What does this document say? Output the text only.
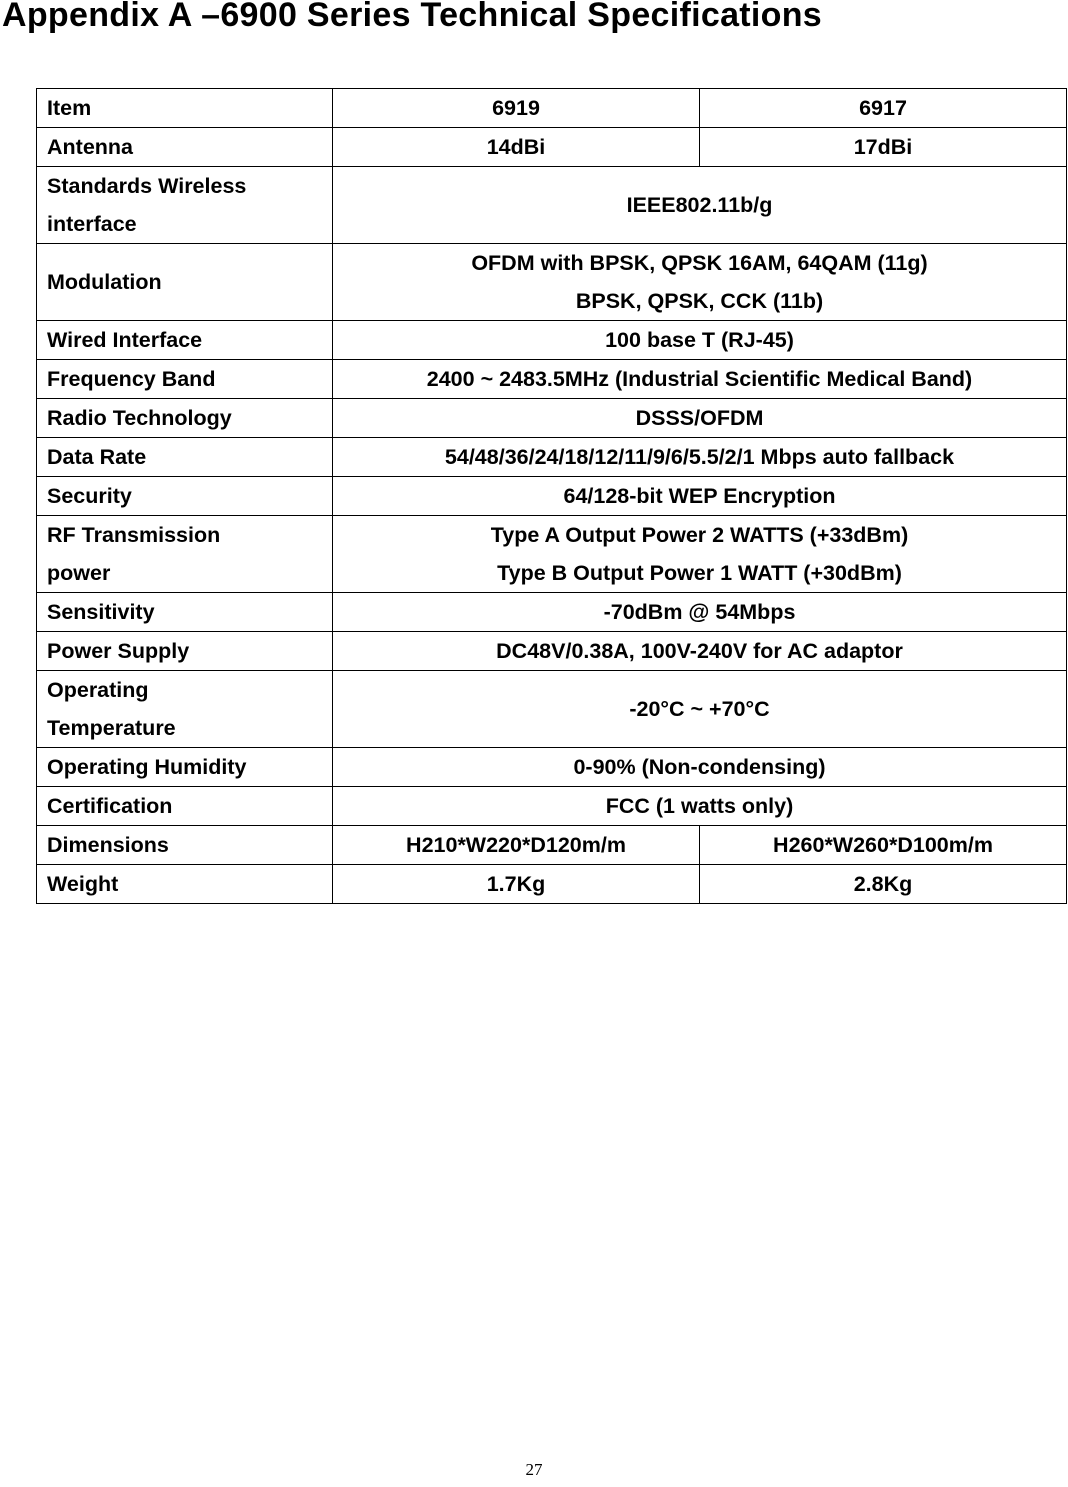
Appendix A –6900 Series Technical Specifications
Item	6919	6917
Antenna	14dBi	17dBi

Standards Wireless
interface	IEEE802.11b/g	
Modulation	OFDM with BPSK, QPSK 16AM, 64QAM (11g)
BPSK, QPSK, CCK (11b)	

Wired Interface	100 base T (RJ-45)	
Frequency Band	2400 ~ 2483.5MHz (Industrial Scientific Medical Band)	
Radio Technology	DSSS/OFDM	
Data Rate	54/48/36/24/18/12/11/9/6/5.5/2/1 Mbps auto fallback	
Security	64/128-bit WEP Encryption	

RF Transmission
power	Type A Output Power 2 WATTS (+33dBm)
Type B Output Power 1 WATT (+30dBm)	

Sensitivity	-70dBm @ 54Mbps	
Power Supply	DC48V/0.38A, 100V-240V for AC adaptor	

Operating
Temperature	-20°C ~ +70°C	
Operating Humidity	0-90% (Non-condensing)	
Certification	FCC (1 watts only)	
Dimensions	H210*W220*D120m/m	H260*W260*D100m/m
Weight	1.7Kg	2.8Kg
27
